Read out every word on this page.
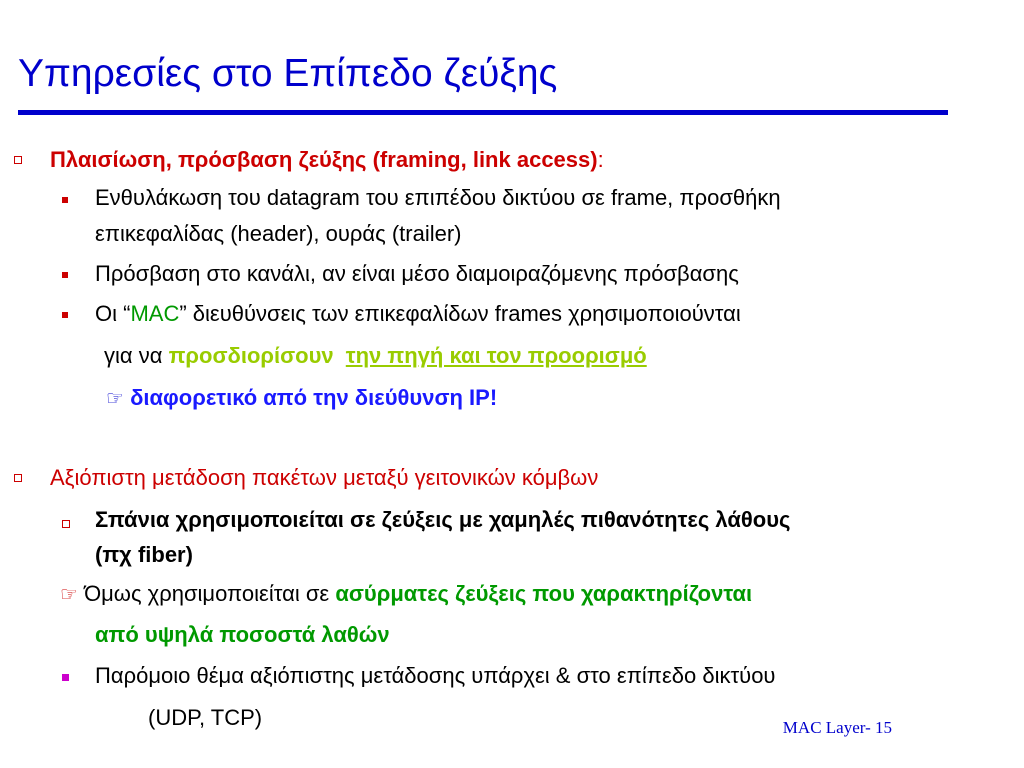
Υπηρεσίες στο Επίπεδο ζεύξης
Πλαισίωση, πρόσβαση ζεύξης (framing, link access):
Ενθυλάκωση του datagram του επιπέδου δικτύου σε frame, προσθήκη
επικεφαλίδας (header), ουράς (trailer)
Πρόσβαση στο κανάλι, αν είναι μέσο διαμοιραζόμενης πρόσβασης
Οι “MAC” διευθύνσεις των επικεφαλίδων frames χρησιμοποιούνται
για να προσδιορίσουν την πηγή και τον προορισμό
☞ διαφορετικό από την διεύθυνση IP!
Αξιόπιστη μετάδοση πακέτων μεταξύ γειτονικών κόμβων
Σπάνια χρησιμοποιείται σε ζεύξεις με χαμηλές πιθανότητες λάθους
(πχ fiber)
☞ Όμως χρησιμοποιείται σε ασύρματες ζεύξεις που χαρακτηρίζονται
από υψηλά ποσοστά λαθών
Παρόμοιο θέμα αξιόπιστης μετάδοσης υπάρχει & στο επίπεδο δικτύου
(UDP, TCP)	MAC Layer- 15
